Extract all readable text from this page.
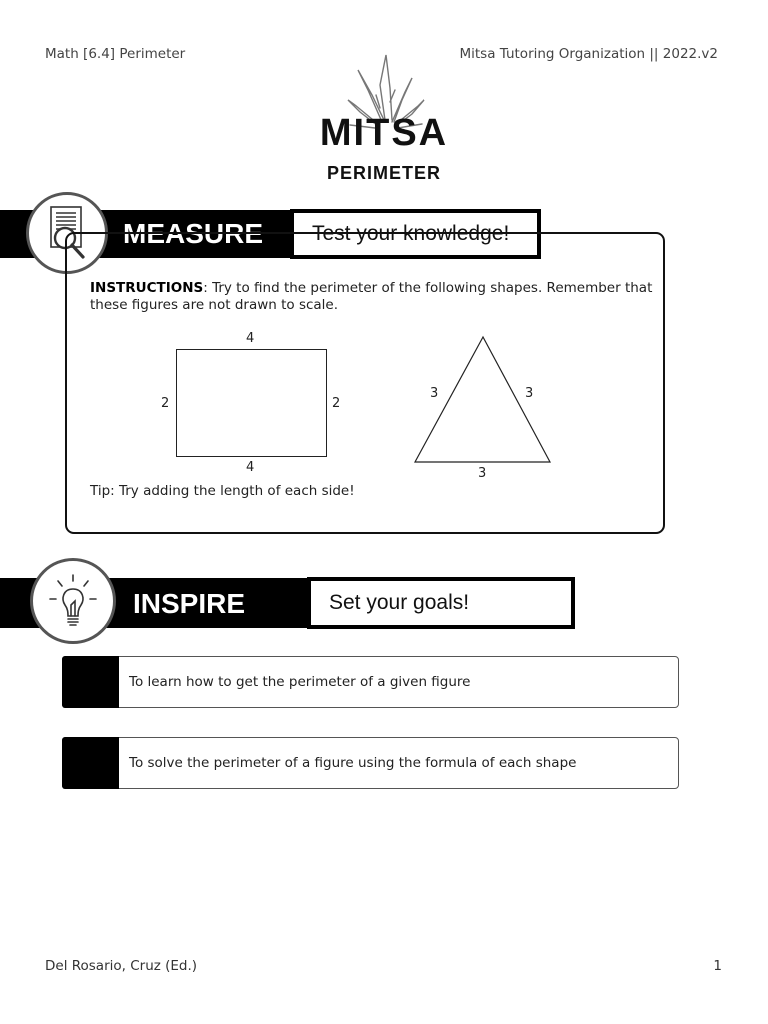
Math [6.4] Perimeter	Mitsa Tutoring Organization || 2022.v2
MITSA
PERIMETER
MEASURE Test your knowledge!
INSTRUCTIONS: Try to find the perimeter of the following shapes. Remember that these figures are not drawn to scale.
4
4
2	2
3	3
3
Tip: Try adding the length of each side!
INSPIRE	Set your goals!
To learn how to get the perimeter of a given figure
To solve the perimeter of a figure using the formula of each shape
Del Rosario, Cruz (Ed.)	1
